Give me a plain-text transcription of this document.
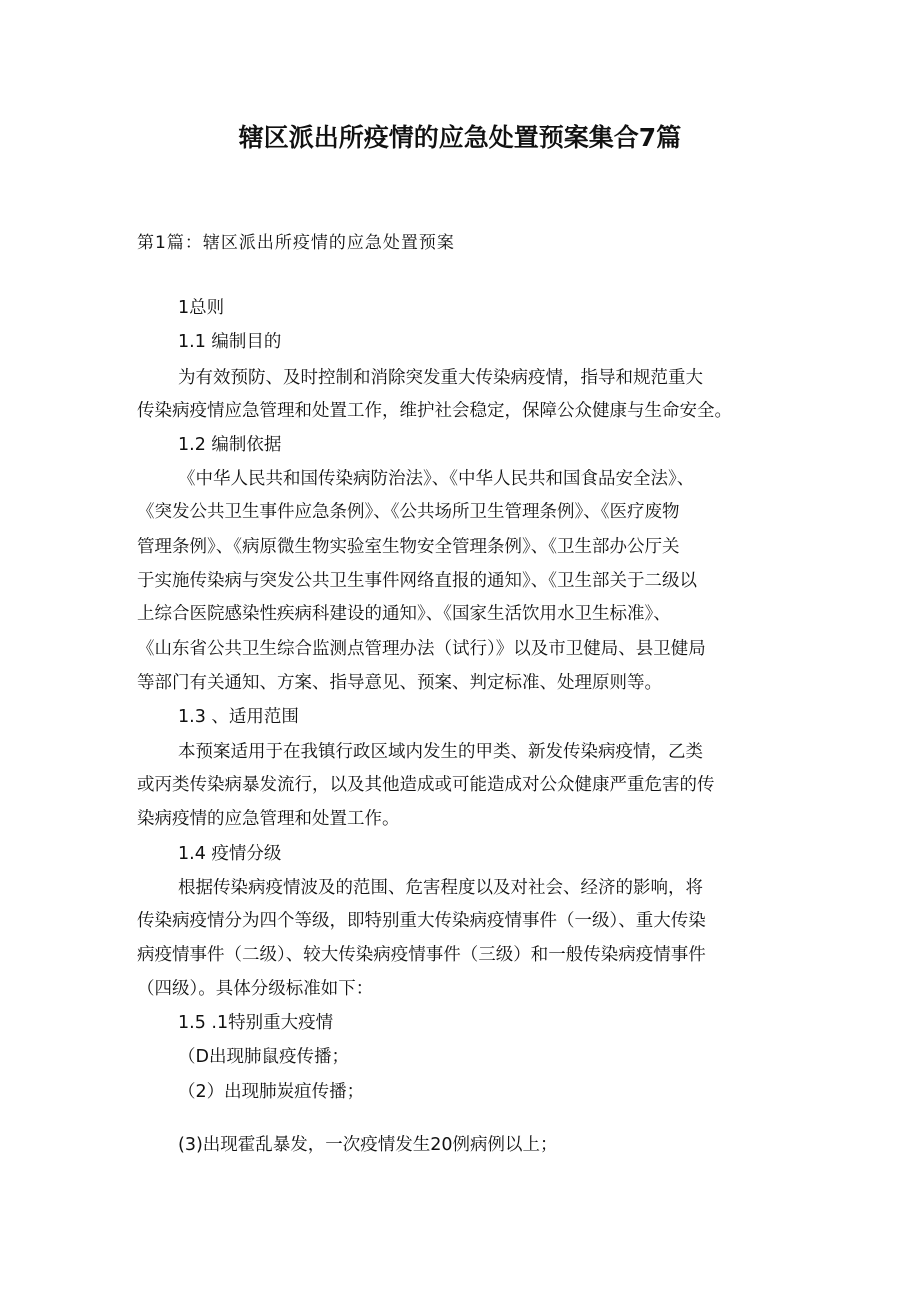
辖区派出所疫情的应急处置预案集合7篇
第1篇：辖区派出所疫情的应急处置预案
1总则
1.1 编制目的
为有效预防、及时控制和消除突发重大传染病疫情，指导和规范重大
传染病疫情应急管理和处置工作，维护社会稳定，保障公众健康与生命安全。
1.2 编制依据
《中华人民共和国传染病防治法》、《中华人民共和国食品安全法》、
《突发公共卫生事件应急条例》、《公共场所卫生管理条例》、《医疗废物
管理条例》、《病原微生物实验室生物安全管理条例》、《卫生部办公厅关
于实施传染病与突发公共卫生事件网络直报的通知》、《卫生部关于二级以
上综合医院感染性疾病科建设的通知》、《国家生活饮用水卫生标准》、
《山东省公共卫生综合监测点管理办法（试行）》以及市卫健局、县卫健局
等部门有关通知、方案、指导意见、预案、判定标准、处理原则等。
1.3 、适用范围
本预案适用于在我镇行政区域内发生的甲类、新发传染病疫情，乙类
或丙类传染病暴发流行，以及其他造成或可能造成对公众健康严重危害的传
染病疫情的应急管理和处置工作。
1.4 疫情分级
根据传染病疫情波及的范围、危害程度以及对社会、经济的影响，将
传染病疫情分为四个等级，即特别重大传染病疫情事件（一级）、重大传染
病疫情事件（二级）、较大传染病疫情事件（三级）和一般传染病疫情事件
（四级）。具体分级标准如下：
1.5 .1特别重大疫情
（D出现肺鼠疫传播；
（2）出现肺炭疽传播；
(3)出现霍乱暴发，一次疫情发生20例病例以上；
